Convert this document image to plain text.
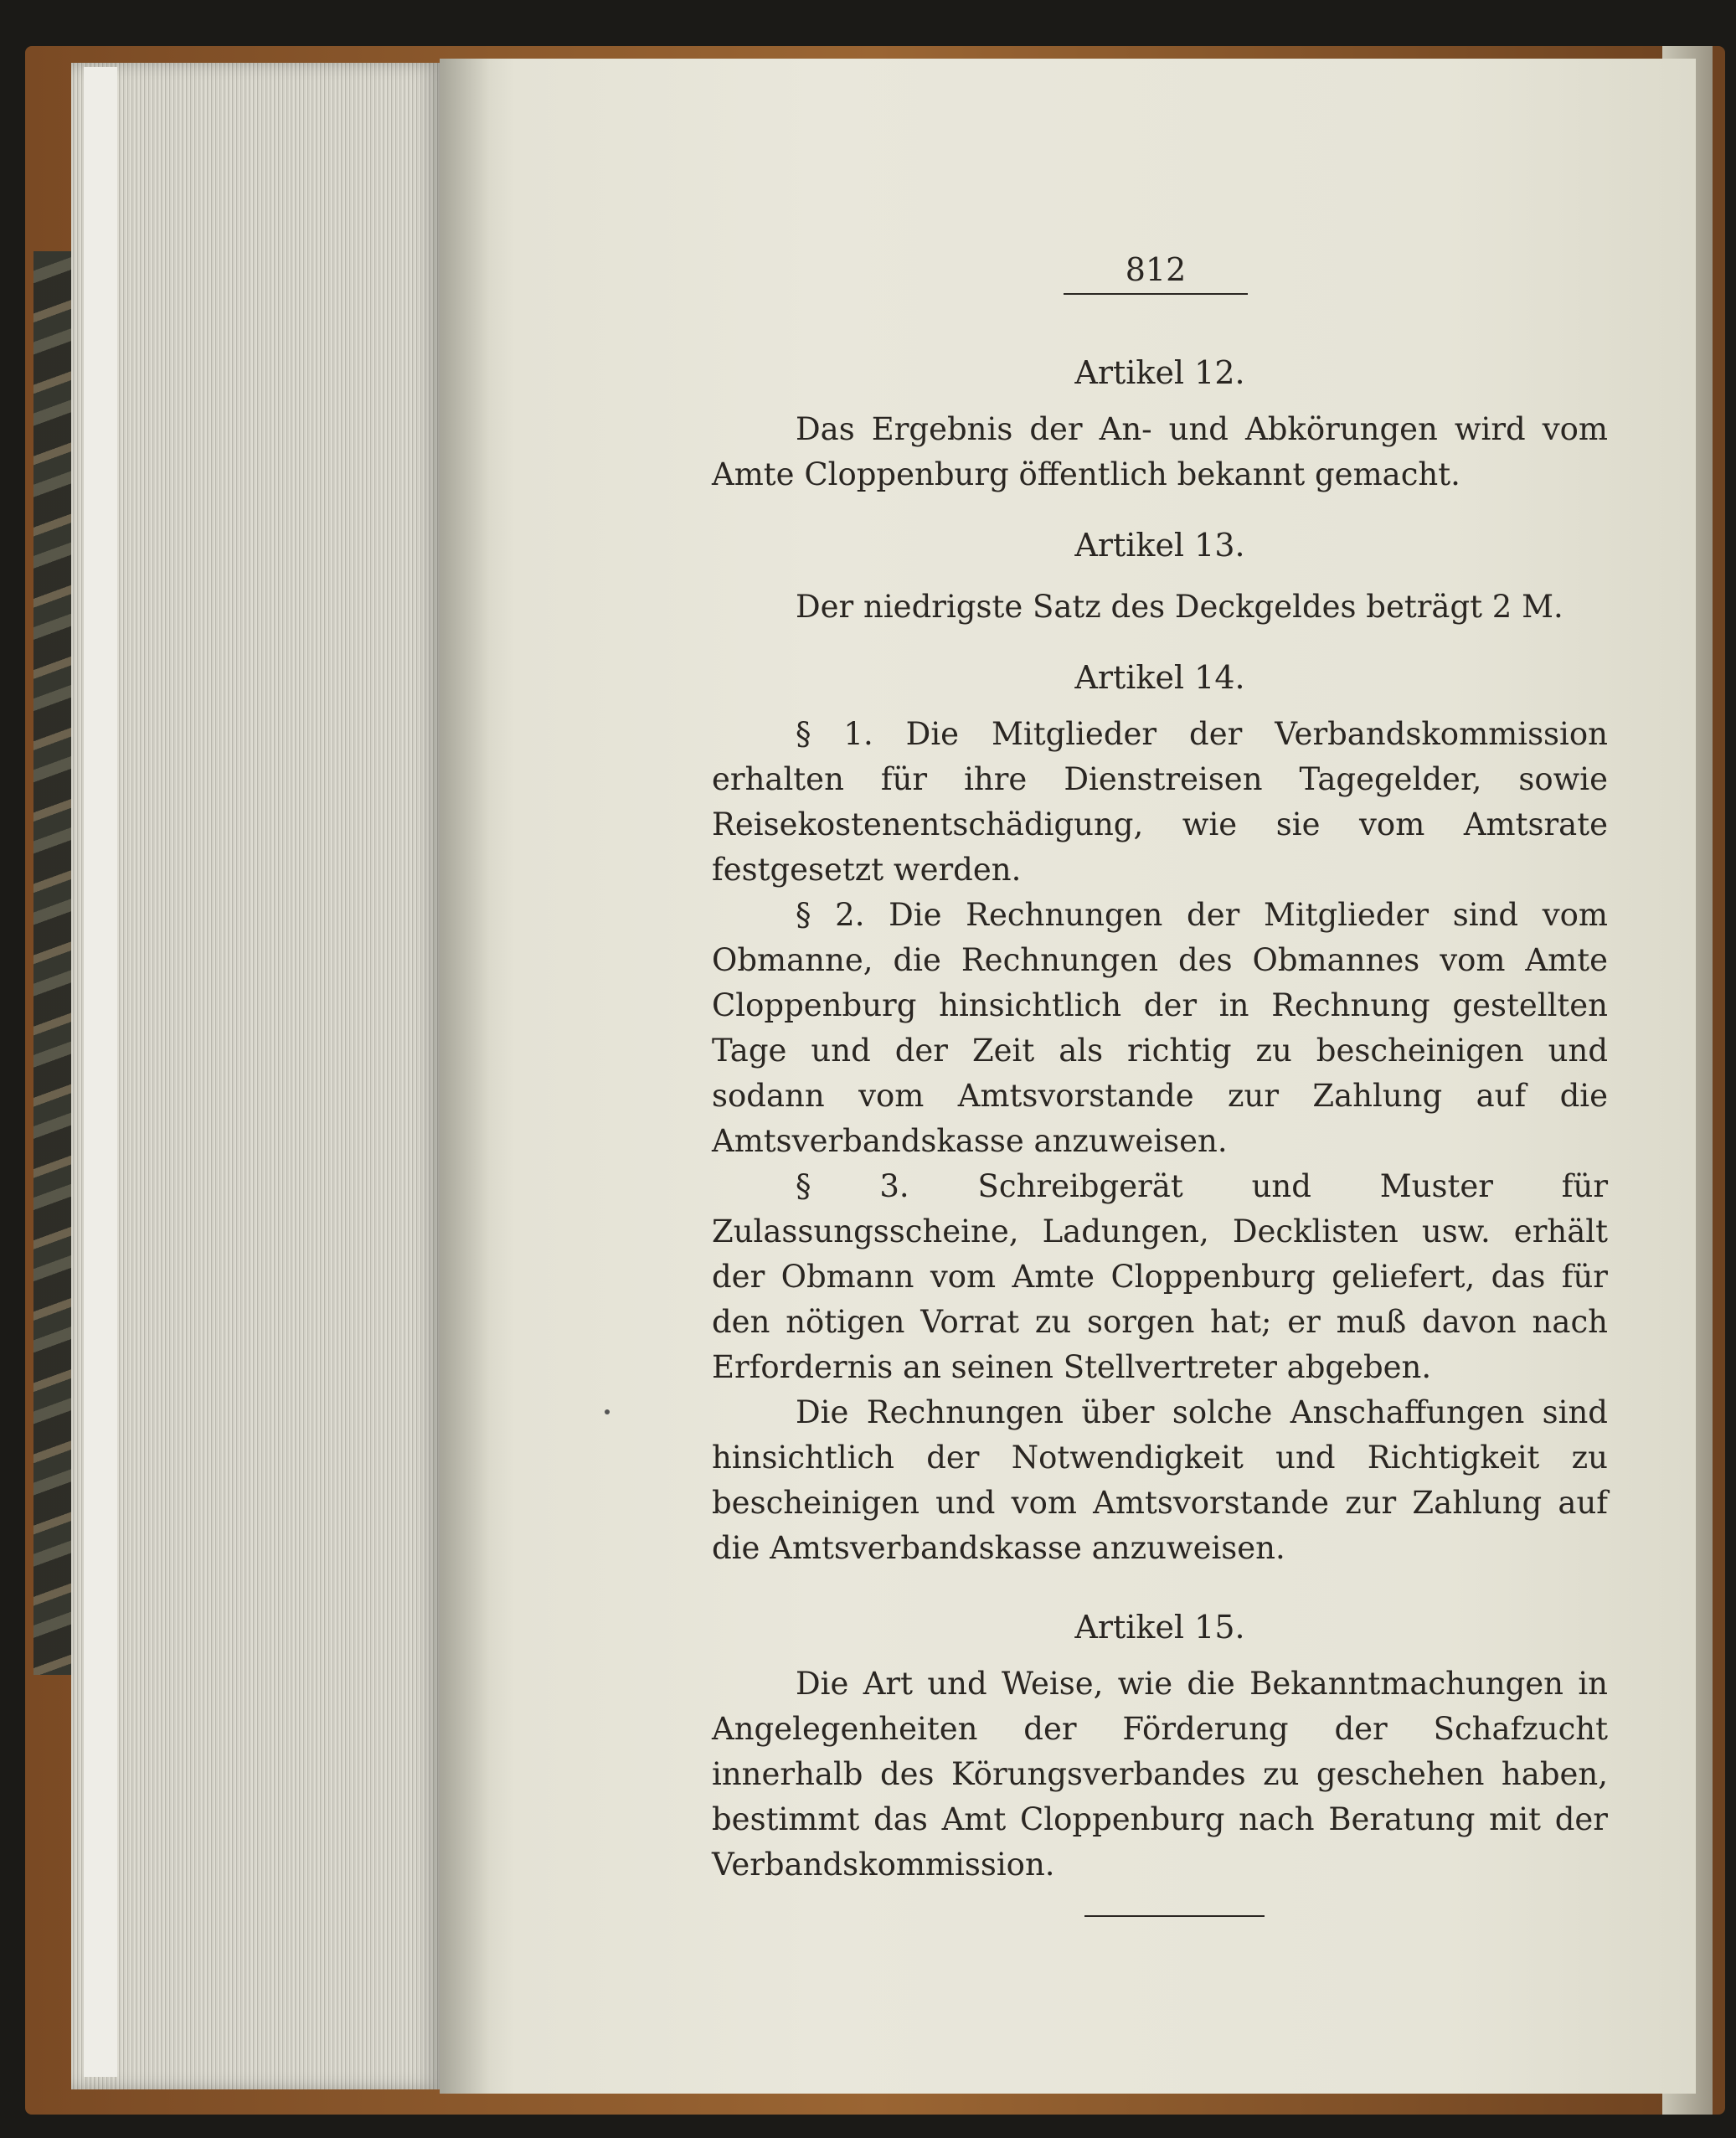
812

Artikel 12.

Das Ergebnis der An- und Abkörungen wird vom Amte Cloppenburg öffentlich bekannt gemacht.

Artikel 13.

Der niedrigste Satz des Deckgeldes beträgt 2 M.

Artikel 14.

§ 1. Die Mitglieder der Verbandskommission erhalten für ihre Dienstreisen Tagegelder, sowie Reisekostenentschädigung, wie sie vom Amtsrate festgesetzt werden.

§ 2. Die Rechnungen der Mitglieder sind vom Obmanne, die Rechnungen des Obmannes vom Amte Cloppenburg hinsichtlich der in Rechnung gestellten Tage und der Zeit als richtig zu bescheinigen und sodann vom Amtsvorstande zur Zahlung auf die Amtsverbandskasse anzuweisen.

§ 3. Schreibgerät und Muster für Zulassungsscheine, Ladungen, Decklisten usw. erhält der Obmann vom Amte Cloppenburg geliefert, das für den nötigen Vorrat zu sorgen hat; er muß davon nach Erfordernis an seinen Stellvertreter abgeben.

Die Rechnungen über solche Anschaffungen sind hinsichtlich der Notwendigkeit und Richtigkeit zu bescheinigen und vom Amtsvorstande zur Zahlung auf die Amtsverbandskasse anzuweisen.

Artikel 15.

Die Art und Weise, wie die Bekanntmachungen in Angelegenheiten der Förderung der Schafzucht innerhalb des Körungsverbandes zu geschehen haben, bestimmt das Amt Cloppenburg nach Beratung mit der Verbandskommission.
